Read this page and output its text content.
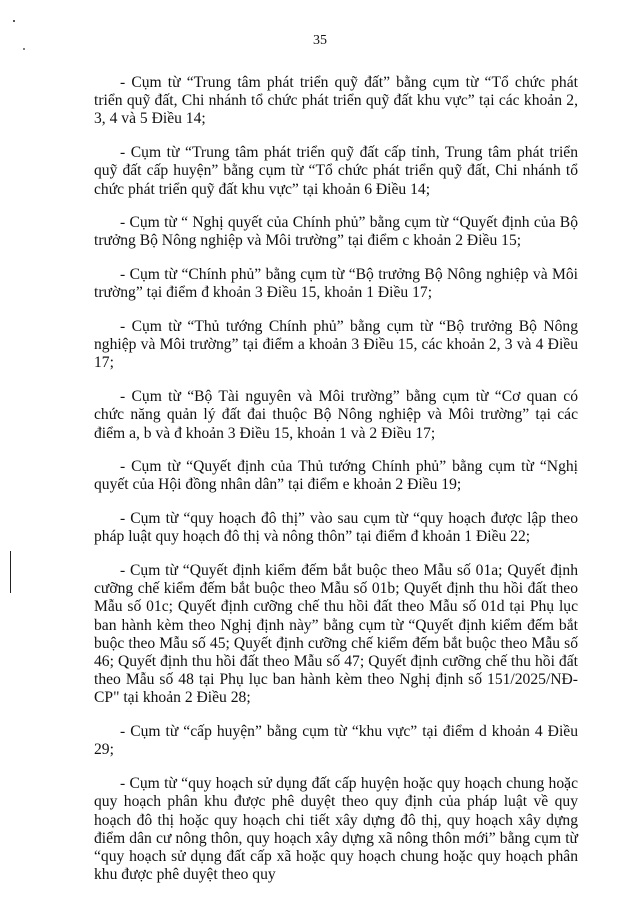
35

- Cụm từ “Trung tâm phát triển quỹ đất” bằng cụm từ “Tổ chức phát triển quỹ đất, Chi nhánh tổ chức phát triển quỹ đất khu vực” tại các khoản 2, 3, 4 và 5 Điều 14;

- Cụm từ “Trung tâm phát triển quỹ đất cấp tỉnh, Trung tâm phát triển quỹ đất cấp huyện” bằng cụm từ “Tổ chức phát triển quỹ đất, Chi nhánh tổ chức phát triển quỹ đất khu vực” tại khoản 6 Điều 14;

- Cụm từ “ Nghị quyết của Chính phủ” bằng cụm từ “Quyết định của Bộ trưởng Bộ Nông nghiệp và Môi trường” tại điểm c khoản 2 Điều 15;

- Cụm từ “Chính phủ” bằng cụm từ “Bộ trưởng Bộ Nông nghiệp và Môi trường” tại điểm đ khoản 3 Điều 15, khoản 1 Điều 17;

- Cụm từ “Thủ tướng Chính phủ” bằng cụm từ “Bộ trưởng Bộ Nông nghiệp và Môi trường” tại điểm a khoản 3 Điều 15, các khoản 2, 3 và 4 Điều 17;

- Cụm từ “Bộ Tài nguyên và Môi trường” bằng cụm từ “Cơ quan có chức năng quản lý đất đai thuộc Bộ Nông nghiệp và Môi trường” tại các điểm a, b và đ khoản 3 Điều 15, khoản 1 và 2 Điều 17;

- Cụm từ “Quyết định của Thủ tướng Chính phủ” bằng cụm từ “Nghị quyết của Hội đồng nhân dân” tại điểm e khoản 2 Điều 19;

- Cụm từ “quy hoạch đô thị” vào sau cụm từ “quy hoạch được lập theo pháp luật quy hoạch đô thị và nông thôn” tại điểm đ khoản 1 Điều 22;

- Cụm từ “Quyết định kiểm đếm bắt buộc theo Mẫu số 01a; Quyết định cưỡng chế kiểm đếm bắt buộc theo Mẫu số 01b; Quyết định thu hồi đất theo Mẫu số 01c; Quyết định cưỡng chế thu hồi đất theo Mẫu số 01d tại Phụ lục ban hành kèm theo Nghị định này” bằng cụm từ “Quyết định kiểm đếm bắt buộc theo Mẫu số 45; Quyết định cưỡng chế kiểm đếm bắt buộc theo Mẫu số 46; Quyết định thu hồi đất theo Mẫu số 47; Quyết định cưỡng chế thu hồi đất theo Mẫu số 48 tại Phụ lục ban hành kèm theo Nghị định số 151/2025/NĐ-CP" tại khoản 2 Điều 28;

- Cụm từ “cấp huyện” bằng cụm từ “khu vực” tại điểm d khoản 4 Điều 29;

- Cụm từ “quy hoạch sử dụng đất cấp huyện hoặc quy hoạch chung hoặc quy hoạch phân khu được phê duyệt theo quy định của pháp luật về quy hoạch đô thị hoặc quy hoạch chi tiết xây dựng đô thị, quy hoạch xây dựng điểm dân cư nông thôn, quy hoạch xây dựng xã nông thôn mới” bằng cụm từ “quy hoạch sử dụng đất cấp xã hoặc quy hoạch chung hoặc quy hoạch phân khu được phê duyệt theo quy
